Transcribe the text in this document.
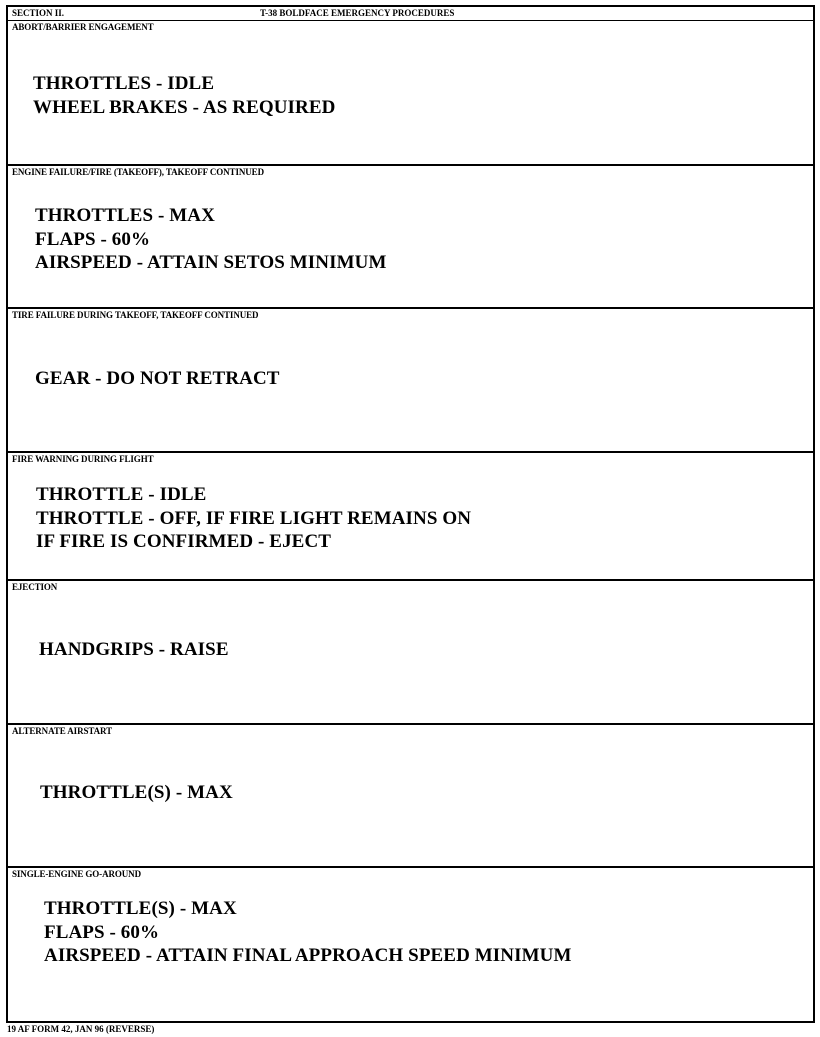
SECTION II.	T-38 BOLDFACE EMERGENCY PROCEDURES
ABORT/BARRIER ENGAGEMENT
THROTTLES - IDLE
WHEEL BRAKES - AS REQUIRED
ENGINE FAILURE/FIRE (TAKEOFF), TAKEOFF CONTINUED
THROTTLES - MAX
FLAPS - 60%
AIRSPEED - ATTAIN SETOS MINIMUM
TIRE FAILURE DURING TAKEOFF, TAKEOFF CONTINUED
GEAR - DO NOT RETRACT
FIRE WARNING DURING FLIGHT
THROTTLE - IDLE
THROTTLE - OFF, IF FIRE LIGHT REMAINS ON
IF FIRE IS CONFIRMED - EJECT
EJECTION
HANDGRIPS - RAISE
ALTERNATE AIRSTART
THROTTLE(S) - MAX
SINGLE-ENGINE GO-AROUND
THROTTLE(S) - MAX
FLAPS - 60%
AIRSPEED - ATTAIN FINAL APPROACH SPEED MINIMUM
19 AF FORM 42, JAN 96 (REVERSE)
